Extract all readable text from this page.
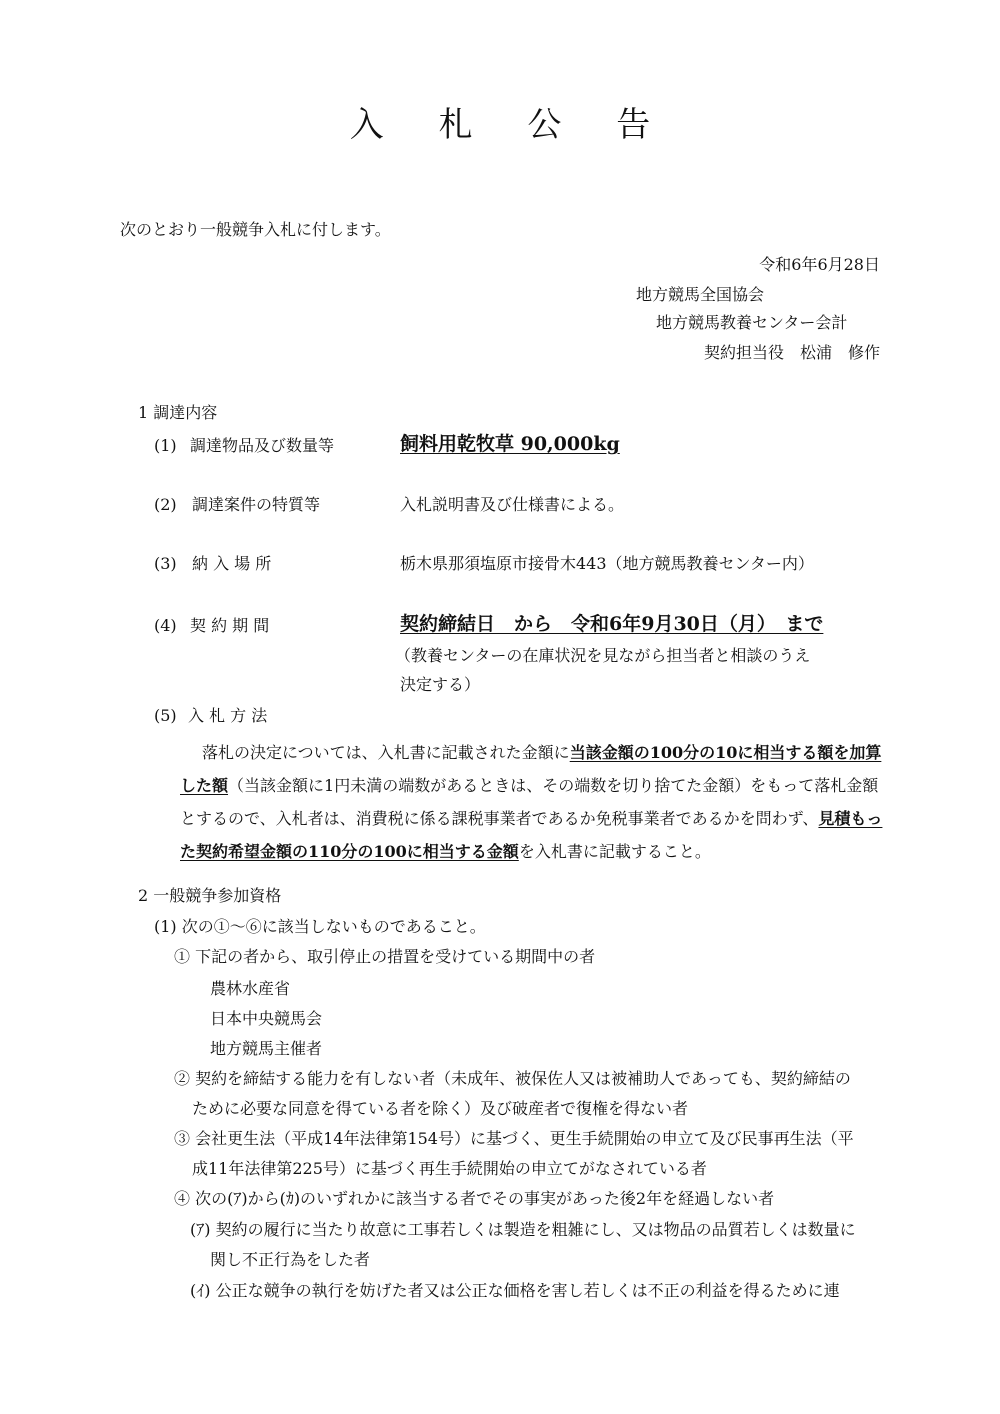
入 札 公 告
次のとおり一般競争入札に付します。
令和6年6月28日
地方競馬全国協会
地方競馬教養センター会計
契約担当役　松浦　修作
1 調達内容
(1) 調達物品及び数量等	飼料用乾牧草 90,000kg
(2) 調達案件の特質等	入札説明書及び仕様書による。
(3) 納 入 場 所	栃木県那須塩原市接骨木443（地方競馬教養センター内）
(4) 契 約 期 間	契約締結日　から　令和6年9月30日（月）　まで
（教養センターの在庫状況を見ながら担当者と相談のうえ
決定する）
(5) 入 札 方 法
落札の決定については、入札書に記載された金額に当該金額の100分の10に相当する額を加算した額（当該金額に1円未満の端数があるときは、その端数を切り捨てた金額）をもって落札金額とするので、入札者は、消費税に係る課税事業者であるか免税事業者であるかを問わず、見積もった契約希望金額の110分の100に相当する金額を入札書に記載すること。
2 一般競争参加資格
(1) 次の①～⑥に該当しないものであること。
① 下記の者から、取引停止の措置を受けている期間中の者
農林水産省
日本中央競馬会
地方競馬主催者
② 契約を締結する能力を有しない者（未成年、被保佐人又は被補助人であっても、契約締結の
ために必要な同意を得ている者を除く）及び破産者で復権を得ない者
③ 会社更生法（平成14年法律第154号）に基づく、更生手続開始の申立て及び民事再生法（平
成11年法律第225号）に基づく再生手続開始の申立てがなされている者
④ 次の(ｱ)から(ｶ)のいずれかに該当する者でその事実があった後2年を経過しない者
(ｱ) 契約の履行に当たり故意に工事若しくは製造を粗雑にし、又は物品の品質若しくは数量に
関し不正行為をした者
(ｲ) 公正な競争の執行を妨げた者又は公正な価格を害し若しくは不正の利益を得るために連
